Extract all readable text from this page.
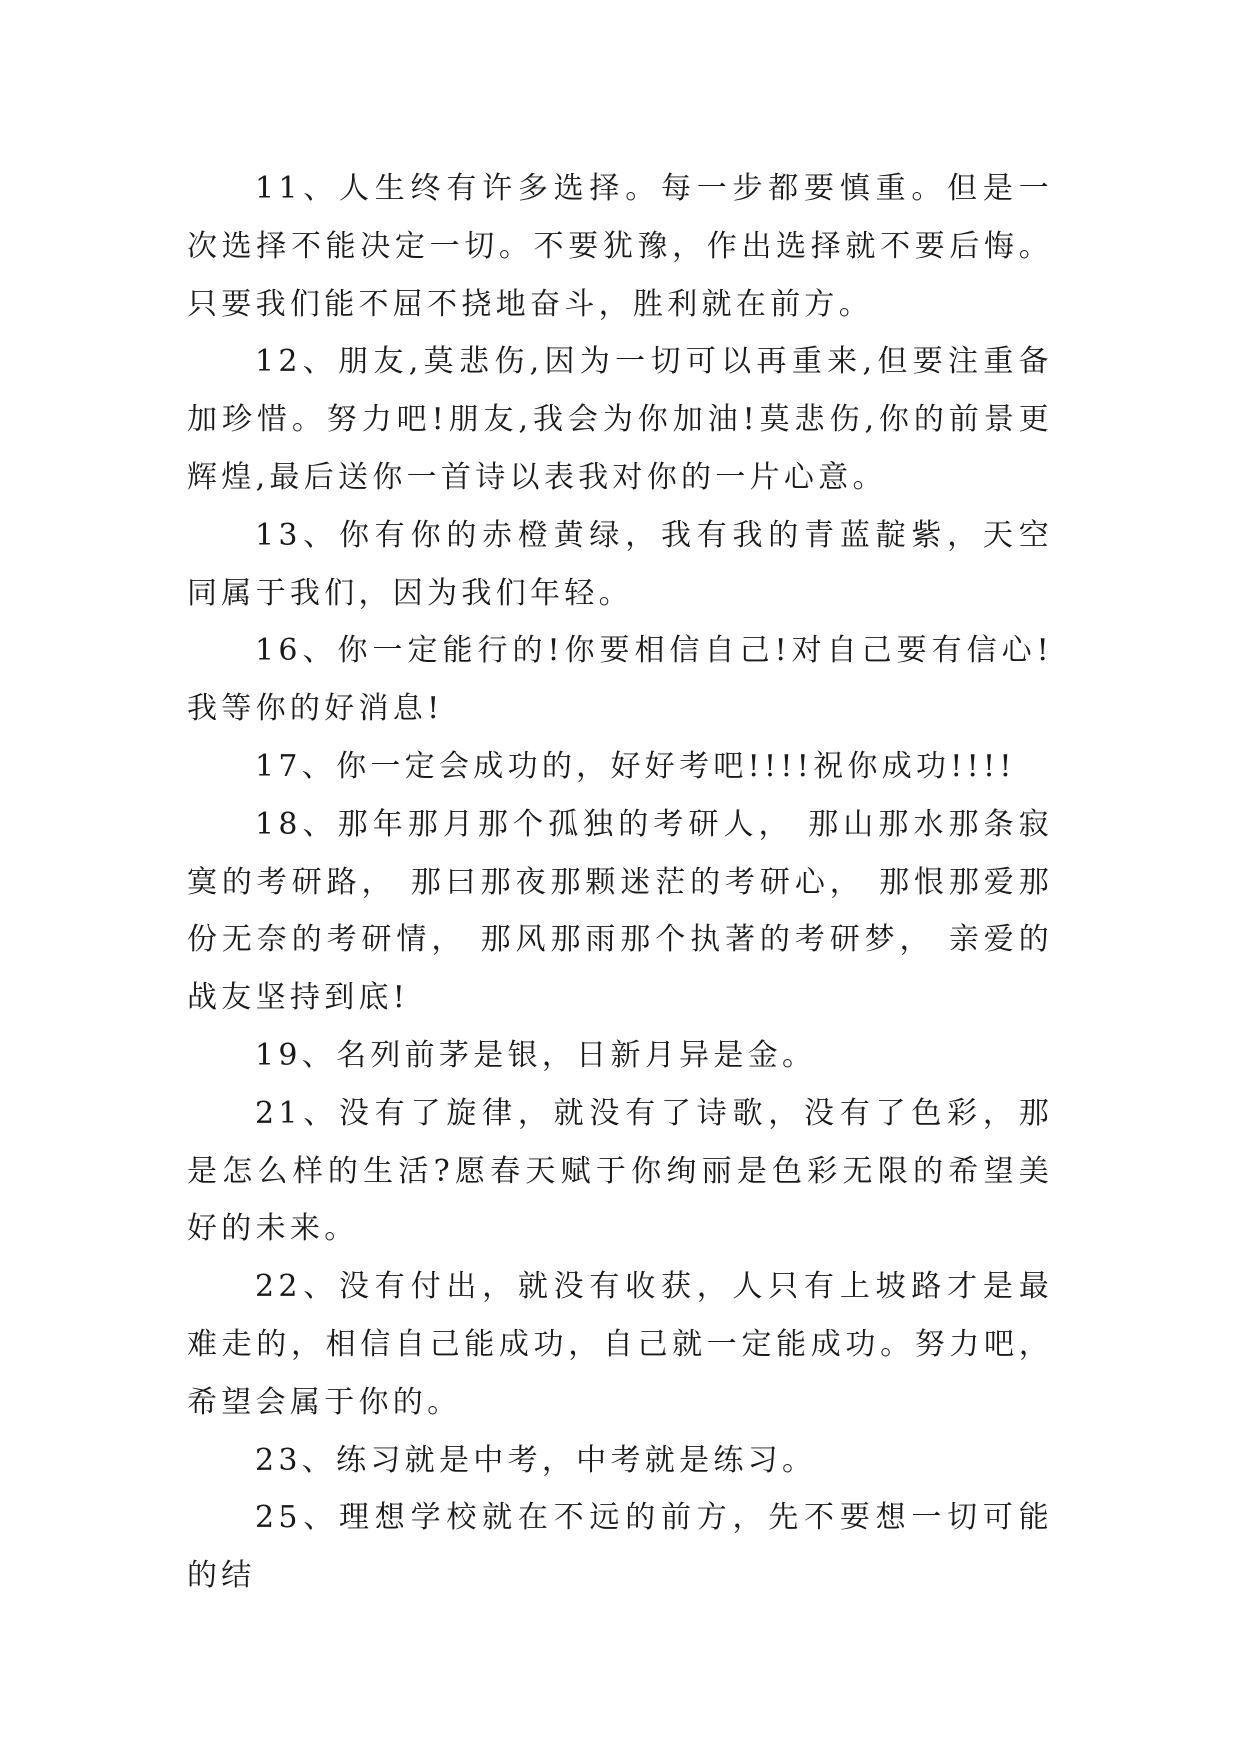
11、人生终有许多选择。每一步都要慎重。但是一次选择不能决定一切。不要犹豫，作出选择就不要后悔。只要我们能不屈不挠地奋斗，胜利就在前方。

12、朋友,莫悲伤,因为一切可以再重来,但要注重备加珍惜。努力吧!朋友,我会为你加油!莫悲伤,你的前景更辉煌,最后送你一首诗以表我对你的一片心意。

13、你有你的赤橙黄绿，我有我的青蓝靛紫，天空同属于我们，因为我们年轻。

16、你一定能行的!你要相信自己!对自己要有信心!我等你的好消息!

17、你一定会成功的，好好考吧!!!!祝你成功!!!!

18、那年那月那个孤独的考研人， 那山那水那条寂寞的考研路， 那曰那夜那颗迷茫的考研心， 那恨那爱那份无奈的考研情， 那风那雨那个执著的考研梦， 亲爱的战友坚持到底!

19、名列前茅是银，日新月异是金。

21、没有了旋律，就没有了诗歌，没有了色彩，那是怎么样的生活?愿春天赋于你绚丽是色彩无限的希望美好的未来。

22、没有付出，就没有收获，人只有上坡路才是最难走的，相信自己能成功，自己就一定能成功。努力吧，希望会属于你的。

23、练习就是中考，中考就是练习。

25、理想学校就在不远的前方，先不要想一切可能的结
